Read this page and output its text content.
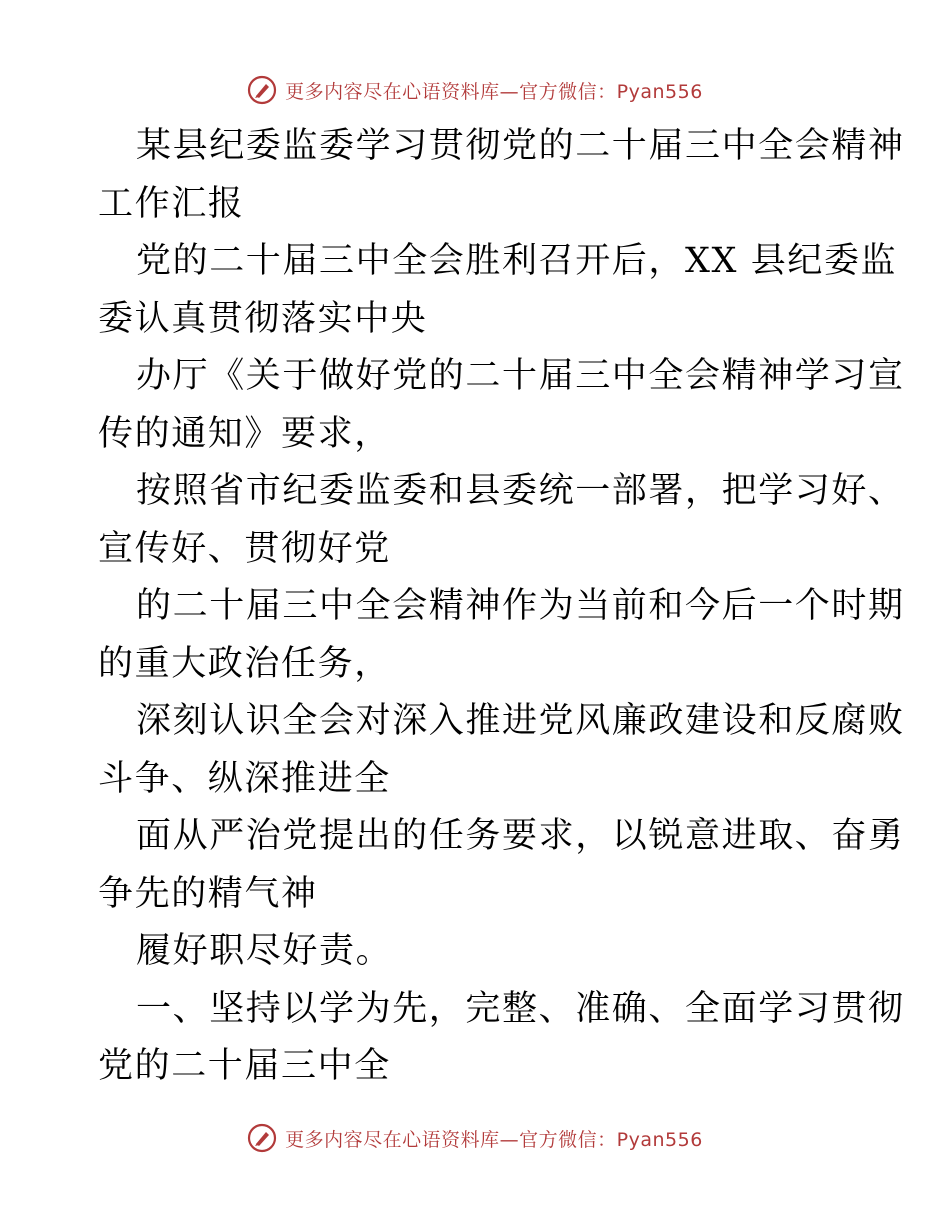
更多内容尽在心语资料库—官方微信：Pyan556
某县纪委监委学习贯彻党的二十届三中全会精神
工作汇报
党的二十届三中全会胜利召开后，XX 县纪委监
委认真贯彻落实中央
办厅《关于做好党的二十届三中全会精神学习宣
传的通知》要求，
按照省市纪委监委和县委统一部署，把学习好、
宣传好、贯彻好党
的二十届三中全会精神作为当前和今后一个时期
的重大政治任务，
深刻认识全会对深入推进党风廉政建设和反腐败
斗争、纵深推进全
面从严治党提出的任务要求，以锐意进取、奋勇
争先的精气神
履好职尽好责。
一、坚持以学为先，完整、准确、全面学习贯彻
党的二十届三中全
更多内容尽在心语资料库—官方微信：Pyan556
